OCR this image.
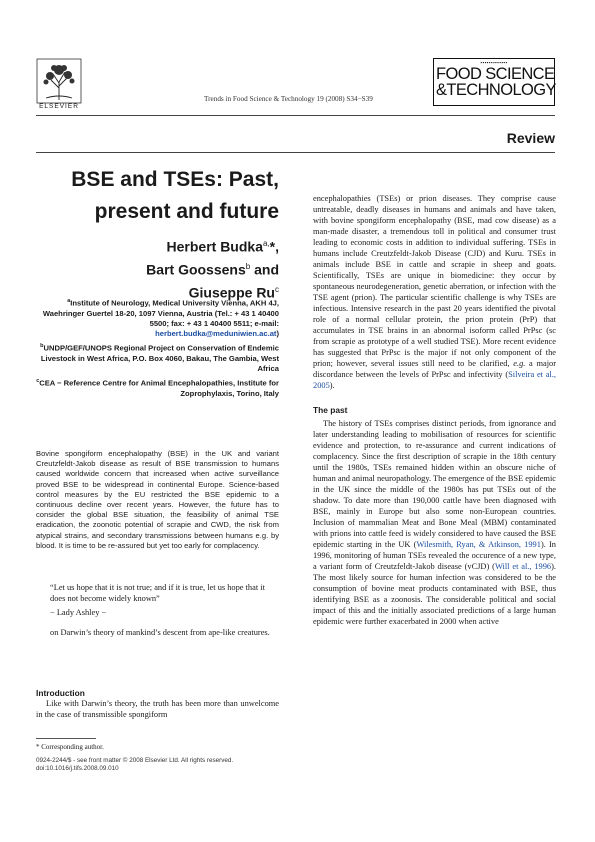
ELSEVIER
Trends in Food Science & Technology 19 (2008) S34−S39
▪▪▪▪▪▪▪▪▪▪▪▪▪
FOOD SCIENCE
&TECHNOLOGY
Review
BSE and TSEs: Past,
present and future
Herbert Budka$^{a,}$*,
Bart Goossens$^b$ and
Giuseppe Ru$^c$

$^a$Institute of Neurology, Medical University Vienna, AKH 4J, Waehringer Guertel 18-20, 1097 Vienna, Austria (Tel.: + 43 1 40400 5500; fax: + 43 1 40400 5511; e-mail: herbert.budka@meduniwien.ac.at)

$^b$UNDP/GEF/UNOPS Regional Project on Conservation of Endemic Livestock in West Africa, P.O. Box 4060, Bakau, The Gambia, West Africa

$^c$CEA − Reference Centre for Animal Encephalopathies, Institute for Zoprophylaxis, Torino, Italy

Bovine spongiform encephalopathy (BSE) in the UK and variant Creutzfeldt-Jakob disease as result of BSE transmission to humans caused worldwide concern that increased when active surveillance proved BSE to be widespread in continental Europe. Science-based control measures by the EU restricted the BSE epidemic to a continuous decline over recent years. However, the future has to consider the global BSE situation, the feasibility of animal TSE eradication, the zoonotic potential of scrapie and CWD, the risk from atypical strains, and secondary transmissions between humans e.g. by blood. It is time to be re-assured but yet too early for complacency.

“Let us hope that it is not true; and if it is true, let us hope that it does not become widely known”

− Lady Ashley −

on Darwin’s theory of mankind’s descent from ape-like creatures.
Introduction
Like with Darwin’s theory, the truth has been more than unwelcome in the case of transmissible spongiform
* Corresponding author.
0924-2244/$ - see front matter © 2008 Elsevier Ltd. All rights reserved.
doi:10.1016/j.tifs.2008.09.010

encephalopathies (TSEs) or prion diseases. They comprise cause untreatable, deadly diseases in humans and animals and have taken, with bovine spongiform encephalopathy (BSE, mad cow disease) as a man-made disaster, a tremendous toll in political and consumer trust leading to economic costs in addition to individual suffering. TSEs in humans include Creutzfeldt-Jakob Disease (CJD) and Kuru. TSEs in animals include BSE in cattle and scrapie in sheep and goats. Scientifically, TSEs are unique in biomedicine: they occur by spontaneous neurodegeneration, genetic aberration, or infection with the TSE agent (prion). The particular scientific challenge is why TSEs are infectious. Intensive research in the past 20 years identified the pivotal role of a normal cellular protein, the prion protein (PrP) that accumulates in TSE brains in an abnormal isoform called PrPsc (sc from scrapie as prototype of a well studied TSE). More recent evidence has suggested that PrPsc is the major if not only component of the prion; however, several issues still need to be clarified, e.g. a major discordance between the levels of PrPsc and infectivity (Silveira et al., 2005).

The past

The history of TSEs comprises distinct periods, from ignorance and later understanding leading to mobilisation of resources for scientific evidence and protection, to re-assurance and current indications of complacency. Since the first description of scrapie in the 18th century until the 1980s, TSEs remained hidden within an obscure niche of human and animal neuropathology. The emergence of the BSE epidemic in the UK since the middle of the 1980s has put TSEs out of the shadow. To date more than 190,000 cattle have been diagnosed with BSE, mainly in Europe but also some non-European countries. Inclusion of mammalian Meat and Bone Meal (MBM) contaminated with prions into cattle feed is widely considered to have caused the BSE epidemic starting in the UK (Wilesmith, Ryan, & Atkinson, 1991). In 1996, monitoring of human TSEs revealed the occurence of a new type, a variant form of Creutzfeldt-Jakob disease (vCJD) (Will et al., 1996). The most likely source for human infection was considered to be the consumption of bovine meat products contaminated with BSE, thus identifying BSE as a zoonosis. The considerable political and social impact of this and the initially associated predictions of a large human epidemic were further exacerbated in 2000 when active
